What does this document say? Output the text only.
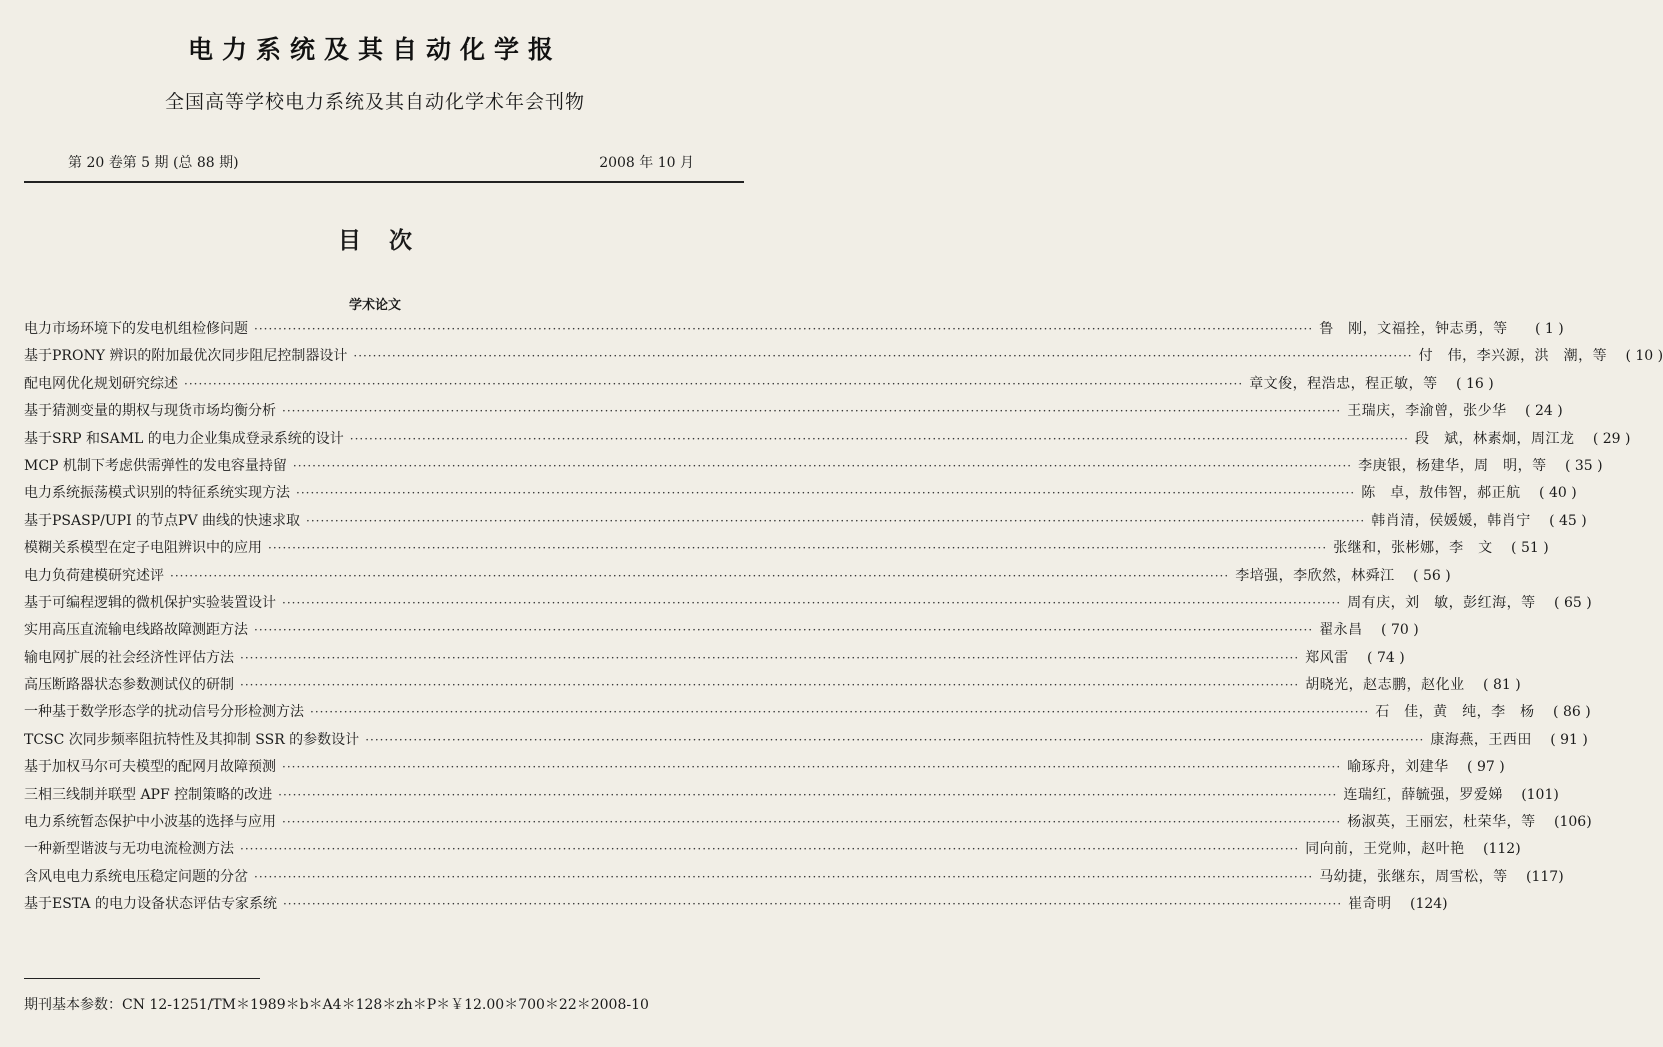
电力系统及其自动化学报
全国高等学校电力系统及其自动化学术年会刊物
第 20 卷第 5 期 (总 88 期)	2008 年 10 月
目次
学术论文
电力市场环境下的发电机组检修问题 ···························································································································································································································· 鲁　刚，文福拴，钟志勇，等	( 1 )
基于PRONY 辨识的附加最优次同步阻尼控制器设计 ···························································································································································································································· 付　伟，李兴源，洪　潮，等	( 10 )
配电网优化规划研究综述 ···························································································································································································································· 章文俊，程浩忠，程正敏，等	( 16 )
基于猜测变量的期权与现货市场均衡分析 ···························································································································································································································· 王瑞庆，李渝曾，张少华	( 24 )
基于SRP 和SAML 的电力企业集成登录系统的设计 ···························································································································································································································· 段　斌，林素炯，周江龙	( 29 )
MCP 机制下考虑供需弹性的发电容量持留 ···························································································································································································································· 李庚银，杨建华，周　明，等	( 35 )
电力系统振荡模式识别的特征系统实现方法 ···························································································································································································································· 陈　卓，敖伟智，郝正航	( 40 )
基于PSASP/UPI 的节点PV 曲线的快速求取 ···························································································································································································································· 韩肖清，侯媛媛，韩肖宁	( 45 )
模糊关系模型在定子电阻辨识中的应用 ···························································································································································································································· 张继和，张彬娜，李　文	( 51 )
电力负荷建模研究述评 ···························································································································································································································· 李培强，李欣然，林舜江	( 56 )
基于可编程逻辑的微机保护实验装置设计 ···························································································································································································································· 周有庆，刘　敏，彭红海，等	( 65 )
实用高压直流输电线路故障测距方法 ···························································································································································································································· 翟永昌	( 70 )
输电网扩展的社会经济性评估方法 ···························································································································································································································· 郑风雷	( 74 )
高压断路器状态参数测试仪的研制 ···························································································································································································································· 胡晓光，赵志鹏，赵化业	( 81 )
一种基于数学形态学的扰动信号分形检测方法 ···························································································································································································································· 石　佳，黄　纯，李　杨	( 86 )
TCSC 次同步频率阻抗特性及其抑制 SSR 的参数设计 ···························································································································································································································· 康海燕，王西田	( 91 )
基于加权马尔可夫模型的配网月故障预测 ···························································································································································································································· 喻琢舟，刘建华	( 97 )
三相三线制并联型 APF 控制策略的改进 ···························································································································································································································· 连瑞红，薛毓强，罗爱娣	(101)
电力系统暂态保护中小波基的选择与应用 ···························································································································································································································· 杨淑英，王丽宏，杜荣华，等	(106)
一种新型谐波与无功电流检测方法 ···························································································································································································································· 同向前，王党帅，赵叶艳	(112)
含风电电力系统电压稳定问题的分岔 ···························································································································································································································· 马幼捷，张继东，周雪松，等	(117)
基于ESTA 的电力设备状态评估专家系统 ···························································································································································································································· 崔奇明	(124)
期刊基本参数：CN 12-1251/TM＊1989＊b＊A4＊128＊zh＊P＊￥12.00＊700＊22＊2008-10
